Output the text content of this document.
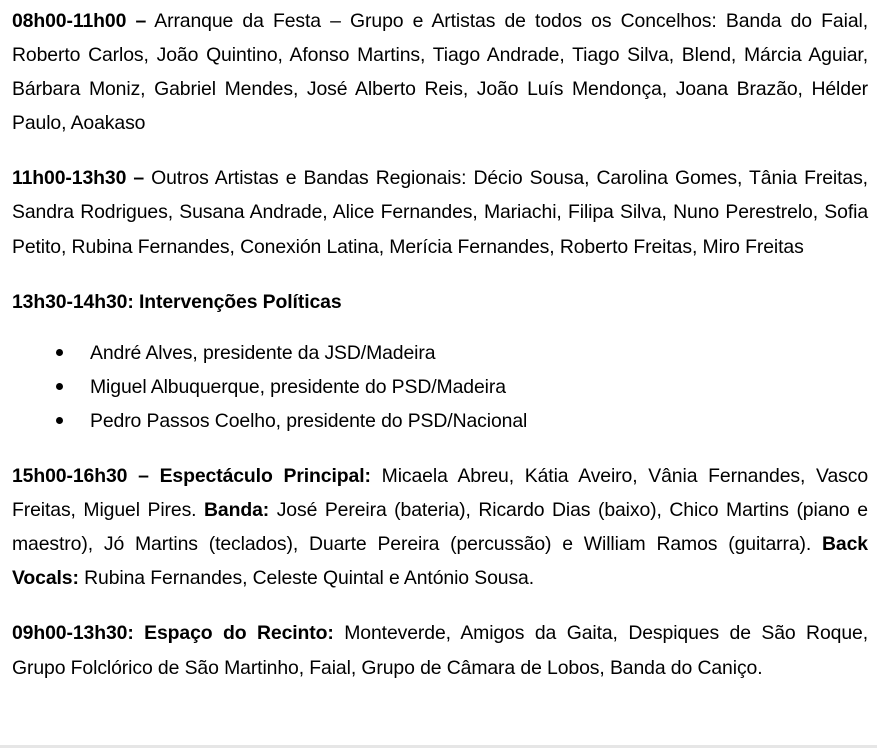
08h00-11h00 – Arranque da Festa – Grupo e Artistas de todos os Concelhos: Banda do Faial, Roberto Carlos, João Quintino, Afonso Martins, Tiago Andrade, Tiago Silva, Blend, Márcia Aguiar, Bárbara Moniz, Gabriel Mendes, José Alberto Reis, João Luís Mendonça, Joana Brazão, Hélder Paulo, Aoakaso

11h00-13h30 – Outros Artistas e Bandas Regionais: Décio Sousa, Carolina Gomes, Tânia Freitas, Sandra Rodrigues, Susana Andrade, Alice Fernandes, Mariachi, Filipa Silva, Nuno Perestrelo, Sofia Petito, Rubina Fernandes, Conexión Latina, Merícia Fernandes, Roberto Freitas, Miro Freitas

13h30-14h30: Intervenções Políticas

André Alves, presidente da JSD/Madeira
Miguel Albuquerque, presidente do PSD/Madeira
Pedro Passos Coelho, presidente do PSD/Nacional

15h00-16h30 – Espectáculo Principal: Micaela Abreu, Kátia Aveiro, Vânia Fernandes, Vasco Freitas, Miguel Pires. Banda: José Pereira (bateria), Ricardo Dias (baixo), Chico Martins (piano e maestro), Jó Martins (teclados), Duarte Pereira (percussão) e William Ramos (guitarra). Back Vocals: Rubina Fernandes, Celeste Quintal e António Sousa.

09h00-13h30: Espaço do Recinto: Monteverde, Amigos da Gaita, Despiques de São Roque, Grupo Folclórico de São Martinho, Faial, Grupo de Câmara de Lobos, Banda do Caniço.
